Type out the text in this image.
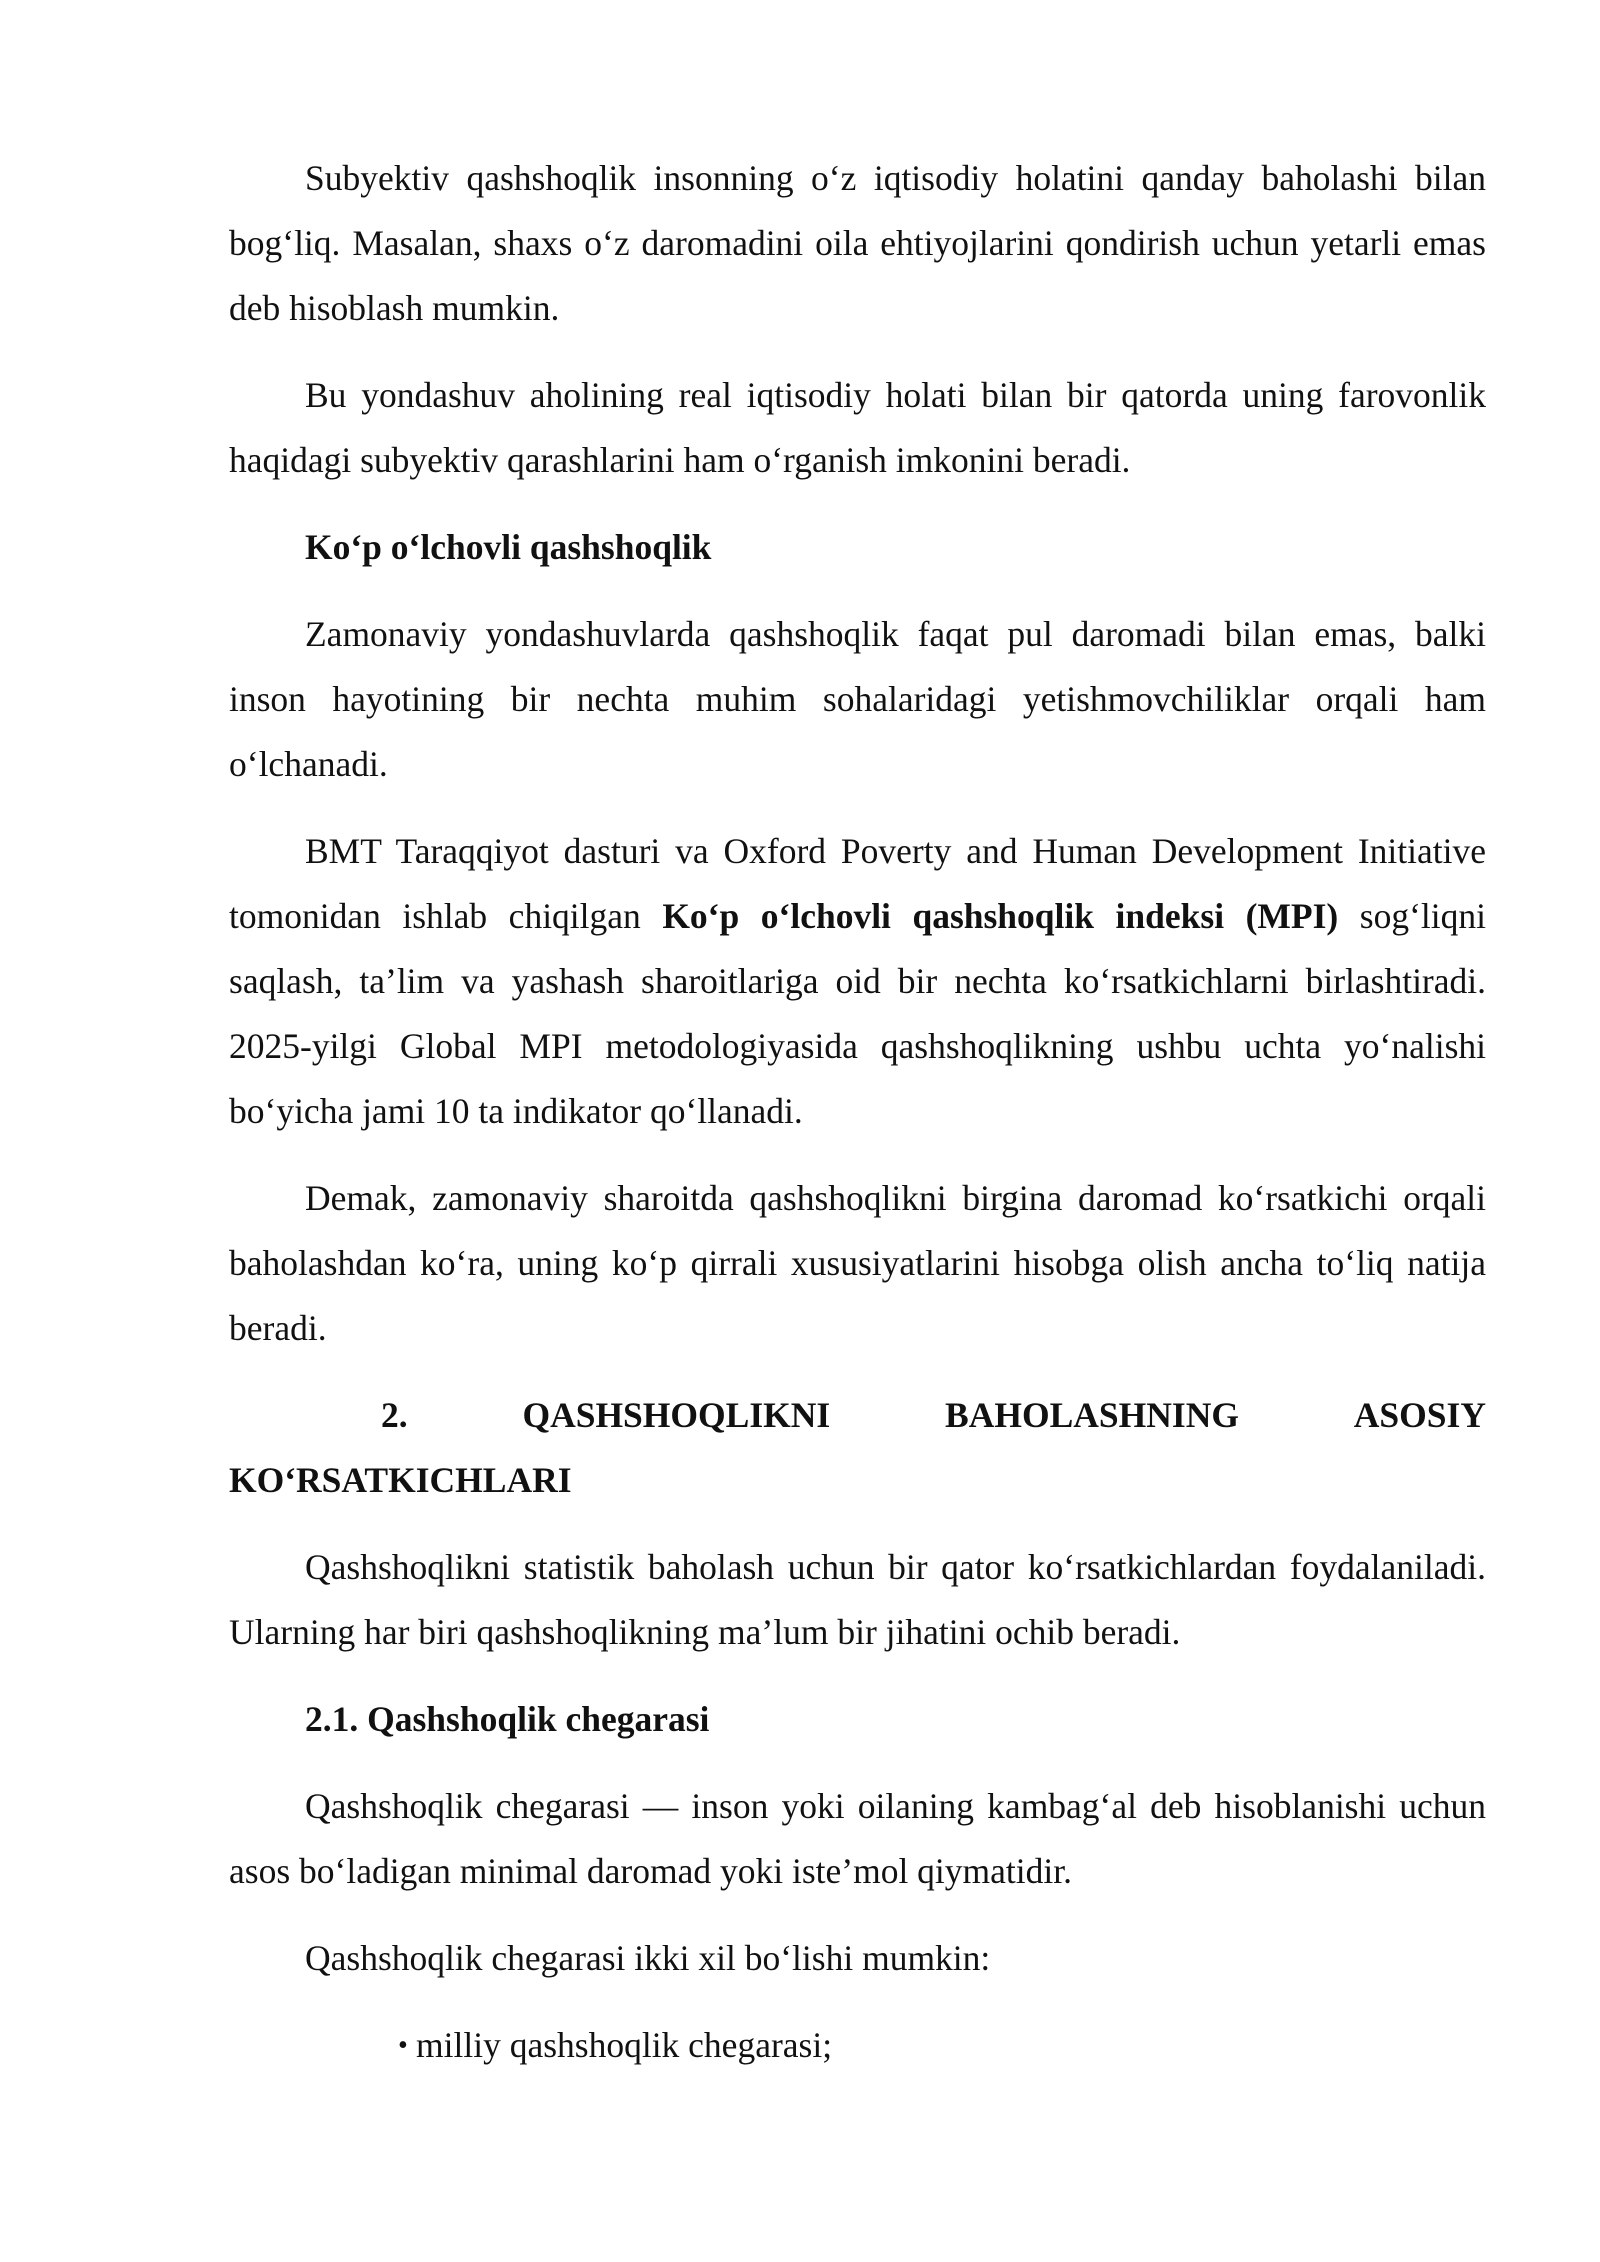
Subyektiv qashshoqlik insonning o‘z iqtisodiy holatini qanday baholashi bilan bog‘liq. Masalan, shaxs o‘z daromadini oila ehtiyojlarini qondirish uchun yetarli emas deb hisoblash mumkin.

Bu yondashuv aholining real iqtisodiy holati bilan bir qatorda uning farovonlik haqidagi subyektiv qarashlarini ham o‘rganish imkonini beradi.

Ko‘p o‘lchovli qashshoqlik

Zamonaviy yondashuvlarda qashshoqlik faqat pul daromadi bilan emas, balki inson hayotining bir nechta muhim sohalaridagi yetishmovchiliklar orqali ham o‘lchanadi.

BMT Taraqqiyot dasturi va Oxford Poverty and Human Development Initiative tomonidan ishlab chiqilgan Ko‘p o‘lchovli qashshoqlik indeksi (MPI) sog‘liqni saqlash, ta’lim va yashash sharoitlariga oid bir nechta ko‘rsatkichlarni birlashtiradi. 2025-yilgi Global MPI metodologiyasida qashshoqlikning ushbu uchta yo‘nalishi bo‘yicha jami 10 ta indikator qo‘llanadi.

Demak, zamonaviy sharoitda qashshoqlikni birgina daromad ko‘rsatkichi orqali baholashdan ko‘ra, uning ko‘p qirrali xususiyatlarini hisobga olish ancha to‘liq natija beradi.

2.	QASHSHOQLIKNI	BAHOLASHNING	ASOSIY
KO‘RSATKICHLARI

Qashshoqlikni statistik baholash uchun bir qator ko‘rsatkichlardan foydalaniladi. Ularning har biri qashshoqlikning ma’lum bir jihatini ochib beradi.

2.1. Qashshoqlik chegarasi

Qashshoqlik chegarasi — inson yoki oilaning kambag‘al deb hisoblanishi uchun asos bo‘ladigan minimal daromad yoki iste’mol qiymatidir.

Qashshoqlik chegarasi ikki xil bo‘lishi mumkin:

• milliy qashshoqlik chegarasi;
